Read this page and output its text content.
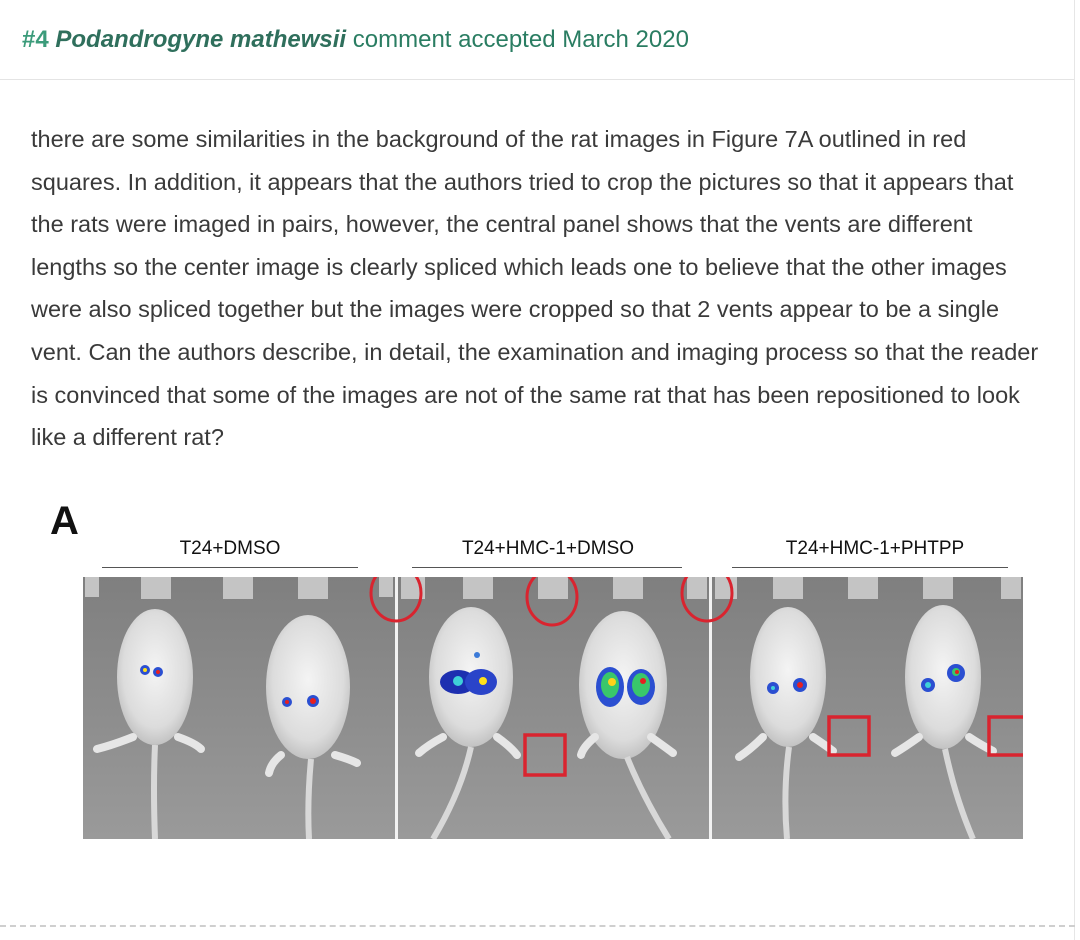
#4 Podandrogyne mathewsii comment accepted March 2020
there are some similarities in the background of the rat images in Figure 7A outlined in red squares. In addition, it appears that the authors tried to crop the pictures so that it appears that the rats were imaged in pairs, however, the central panel shows that the vents are different lengths so the center image is clearly spliced which leads one to believe that the other images were also spliced together but the images were cropped so that 2 vents appear to be a single vent. Can the authors describe, in detail, the examination and imaging process so that the reader is convinced that some of the images are not of the same rat that has been repositioned to look like a different rat?
A
T24+DMSO	T24+HMC-1+DMSO	T24+HMC-1+PHTPP
